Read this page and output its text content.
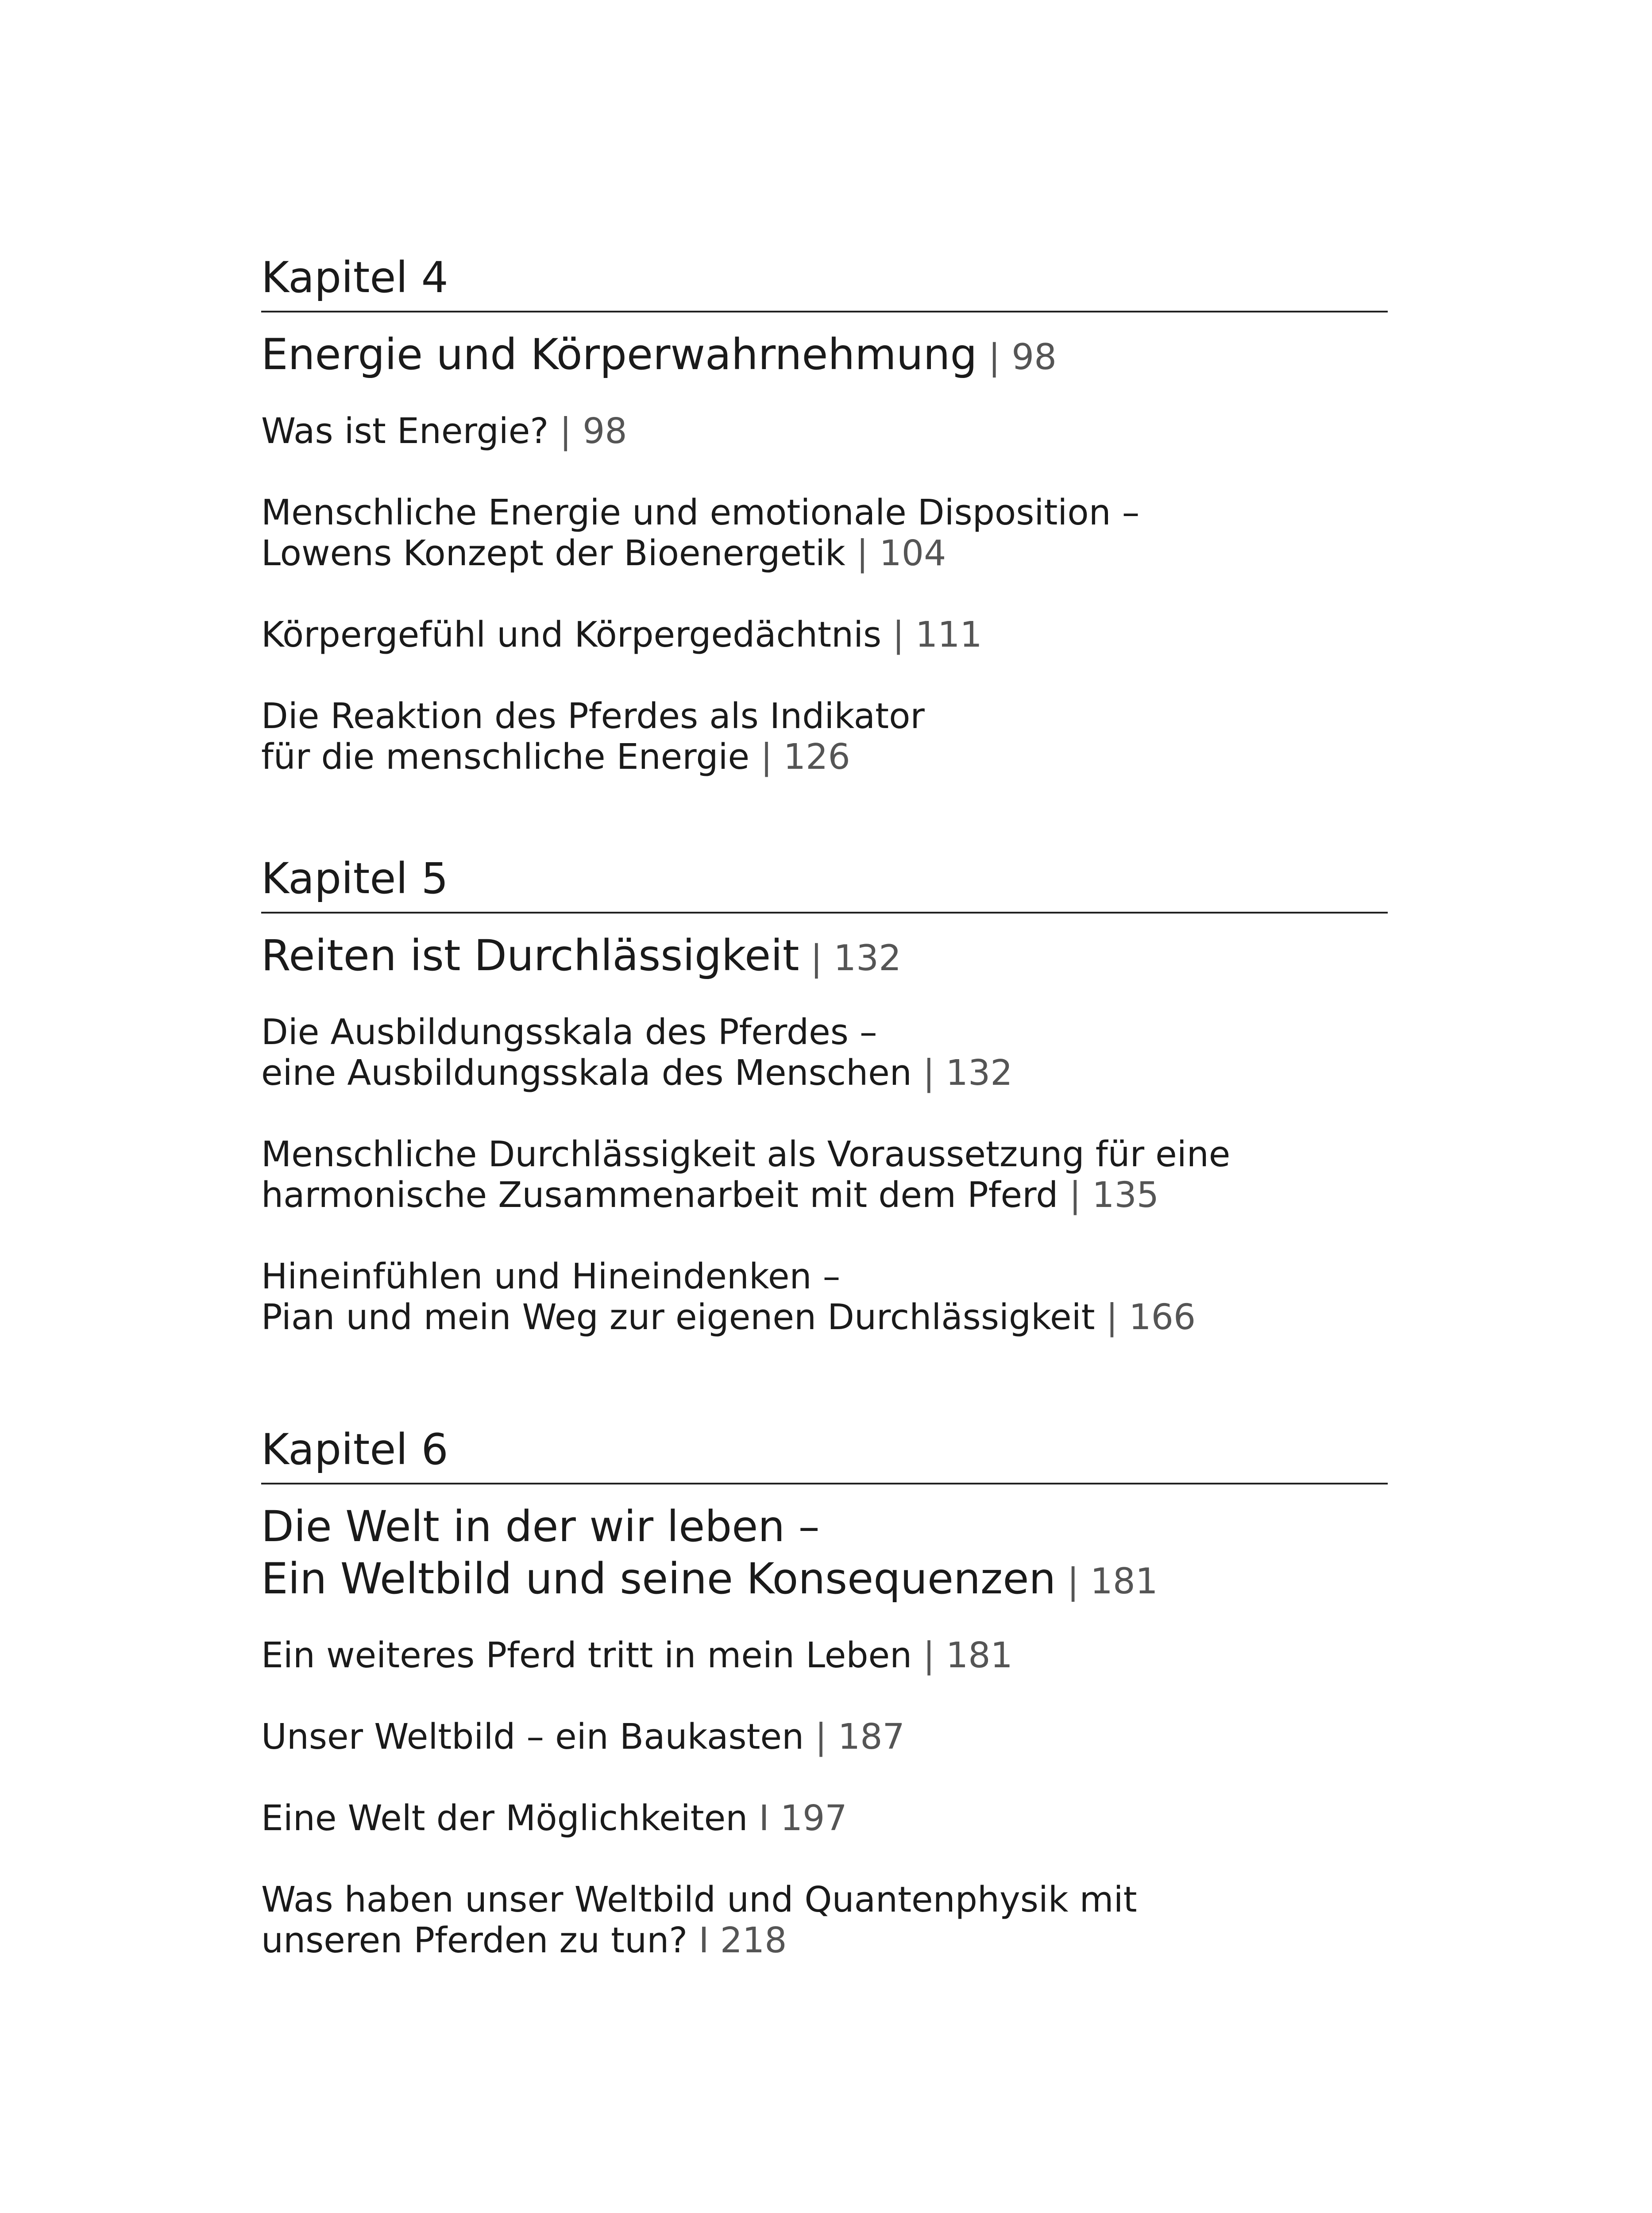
Kapitel 4
Energie und Körperwahrnehmung | 98

Was ist Energie? | 98

Menschliche Energie und emotionale Disposition –
Lowens Konzept der Bioenergetik | 104

Körpergefühl und Körpergedächtnis | 111

Die Reaktion des Pferdes als Indikator
für die menschliche Energie | 126

Kapitel 5
Reiten ist Durchlässigkeit | 132

Die Ausbildungsskala des Pferdes –
eine Ausbildungsskala des Menschen | 132

Menschliche Durchlässigkeit als Voraussetzung für eine
harmonische Zusammenarbeit mit dem Pferd | 135

Hineinfühlen und Hineindenken –
Pian und mein Weg zur eigenen Durchlässigkeit | 166

Kapitel 6
Die Welt in der wir leben –
Ein Weltbild und seine Konsequenzen | 181

Ein weiteres Pferd tritt in mein Leben | 181

Unser Weltbild – ein Baukasten | 187

Eine Welt der Möglichkeiten I 197

Was haben unser Weltbild und Quantenphysik mit
unseren Pferden zu tun? I 218
